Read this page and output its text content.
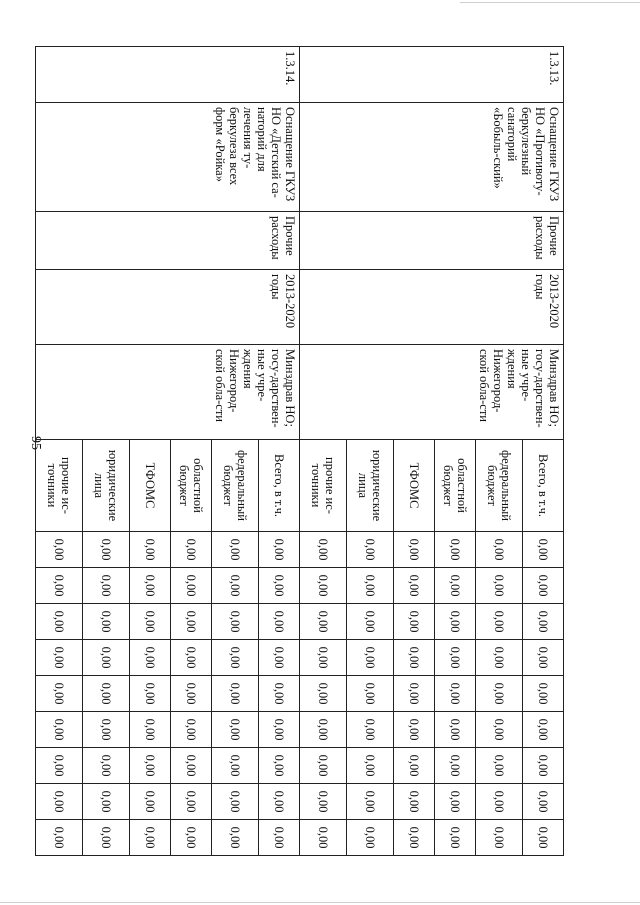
95
1.3.13.	Оснащение ГКУЗ НО «Противоту-беркулезный санаторий «Бобыль-ский»	Прочие расходы	2013-2020 годы	Минздрав НО; госу-дарствен-ные учре-ждения Нижегород-ской обла-сти	Всего, в т.ч.	0,00	0,00	0,00	0,00	0,00	0,00	0,00	0,00	0,00
					федеральный бюджет	0,00	0,00	0,00	0,00	0,00	0,00	0,00	0,00	0,00
					областной бюджет	0,00	0,00	0,00	0,00	0,00	0,00	0,00	0,00	0,00
					ТФОМС	0,00	0,00	0,00	0,00	0,00	0,00	0,00	0,00	0,00
					юридические лица	0,00	0,00	0,00	0,00	0,00	0,00	0,00	0,00	0,00
					прочие ис-точники	0,00	0,00	0,00	0,00	0,00	0,00	0,00	0,00	0,00
1.3.14.	Оснащение ГКУЗ НО «Детский са-наторий для лечения ту-беркулеза всех форм «Ройка»	Прочие расходы	2013-2020 годы	Минздрав НО; госу-дарствен-ные учре-ждения Нижегород-ской обла-сти	Всего, в т.ч.	0,00	0,00	0,00	0,00	0,00	0,00	0,00	0,00	0,00
					федеральный бюджет	0,00	0,00	0,00	0,00	0,00	0,00	0,00	0,00	0,00
					областной бюджет	0,00	0,00	0,00	0,00	0,00	0,00	0,00	0,00	0,00
					ТФОМС	0,00	0,00	0,00	0,00	0,00	0,00	0,00	0,00	0,00
					юридические лица	0,00	0,00	0,00	0,00	0,00	0,00	0,00	0,00	0,00
					прочие ис-точники	0,00	0,00	0,00	0,00	0,00	0,00	0,00	0,00	0,00
